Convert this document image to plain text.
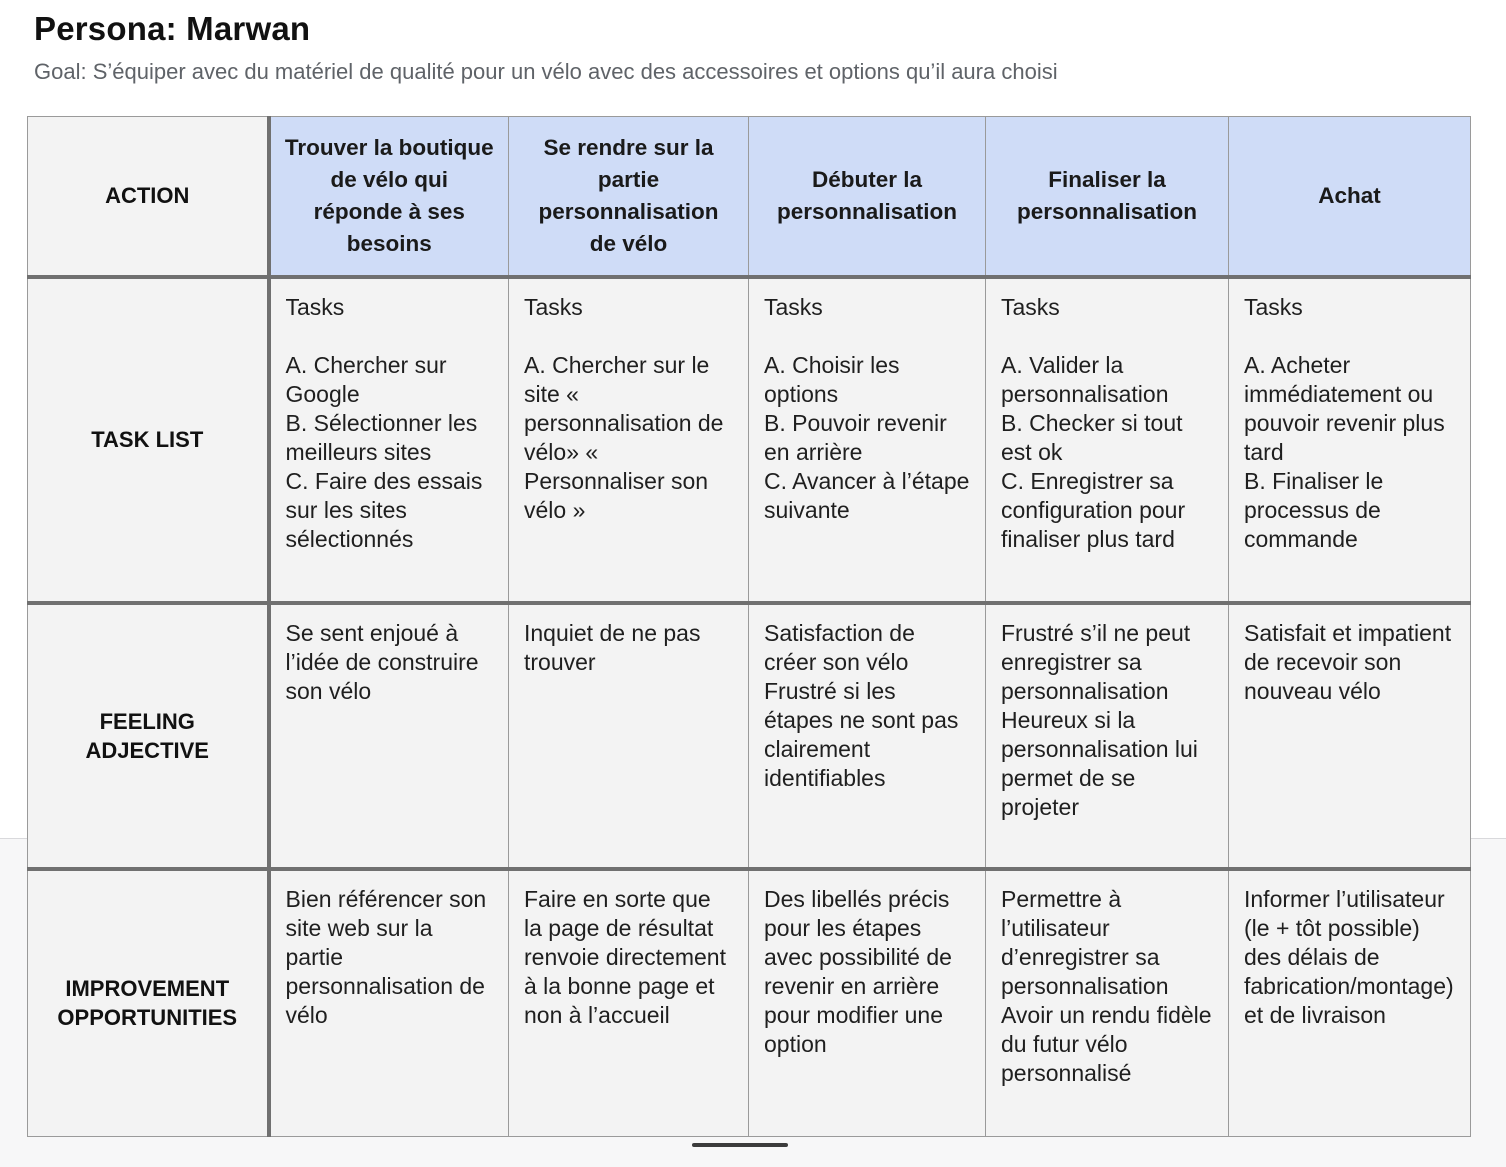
Persona: Marwan

Goal: S’équiper avec du matériel de qualité pour un vélo avec des accessoires et options qu’il aura choisi

ACTION	Trouver la boutique de vélo qui réponde à ses besoins	Se rendre sur la partie personnalisation de vélo	Débuter la personnalisation	Finaliser la personnalisation	Achat
TASK LIST	Tasks

A. Chercher sur Google
B. Sélectionner les meilleurs sites
C. Faire des essais sur les sites sélectionnés	Tasks

A. Chercher sur le site « personnalisation de vélo» « Personnaliser son vélo »	Tasks

A. Choisir les options
B. Pouvoir revenir en arrière
C. Avancer à l’étape suivante	Tasks

A. Valider la personnalisation
B. Checker si tout est ok
C. Enregistrer sa configuration pour finaliser plus tard	Tasks

A. Acheter immédiatement ou pouvoir revenir plus tard
B. Finaliser le processus de commande
FEELING
ADJECTIVE	Se sent enjoué à l’idée de construire son vélo	Inquiet de ne pas trouver	Satisfaction de créer son vélo
Frustré si les étapes ne sont pas clairement identifiables	Frustré s’il ne peut enregistrer sa personnalisation
Heureux si la personnalisation lui permet de se projeter	Satisfait et impatient de recevoir son nouveau vélo
IMPROVEMENT
OPPORTUNITIES	Bien référencer son site web sur la partie personnalisation de vélo	Faire en sorte que la page de résultat renvoie directement à la bonne page et non à l’accueil	Des libellés précis pour les étapes avec possibilité de revenir en arrière pour modifier une option	Permettre à l’utilisateur d’enregistrer sa personnalisation
Avoir un rendu fidèle du futur vélo personnalisé	Informer l’utilisateur (le + tôt possible) des délais de fabrication/montage) et de livraison
